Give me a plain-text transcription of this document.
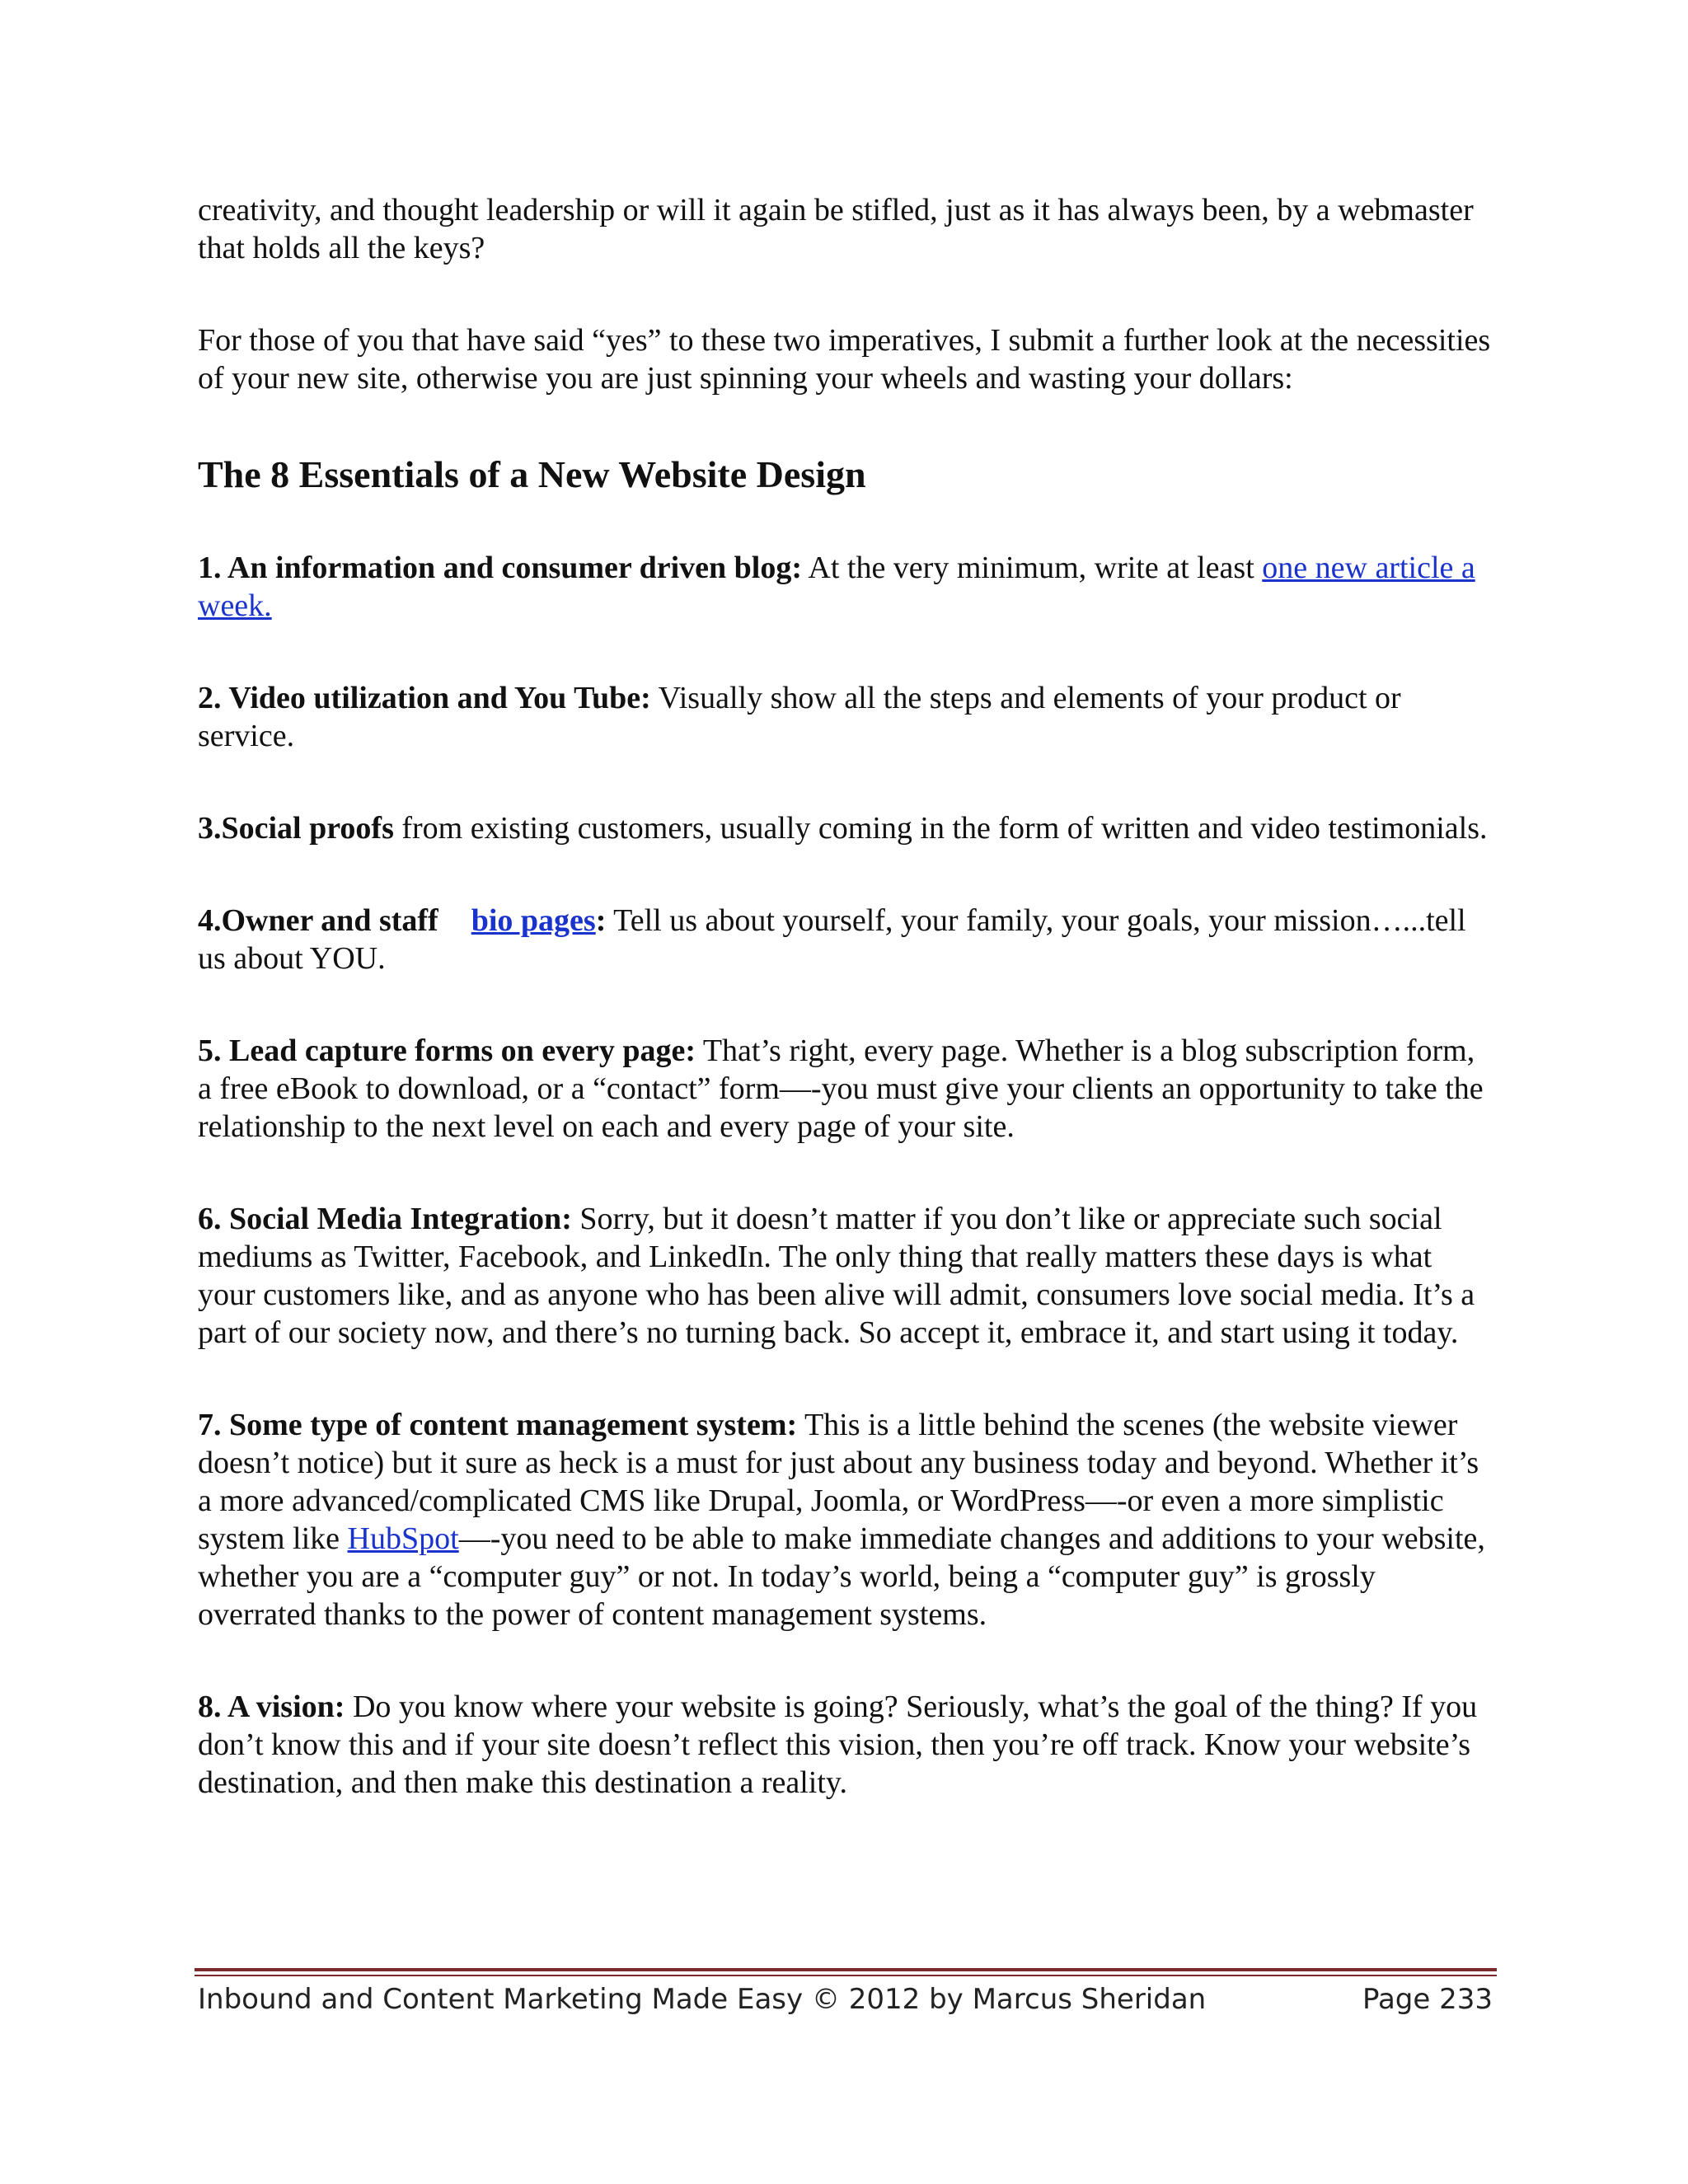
creativity, and thought leadership or will it again be stifled, just as it has always been, by a webmaster that holds all the keys?

For those of you that have said “yes” to these two imperatives, I submit a further look at the necessities of your new site, otherwise you are just spinning your wheels and wasting your dollars:

The 8 Essentials of a New Website Design

1. An information and consumer driven blog: At the very minimum, write at least one new article a week.

2. Video utilization and You Tube: Visually show all the steps and elements of your product or service.

3.Social proofs from existing customers, usually coming in the form of written and video testimonials.

4.Owner and staff bio pages: Tell us about yourself, your family, your goals, your mission…...tell us about YOU.

5. Lead capture forms on every page: That’s right, every page. Whether is a blog subscription form, a free eBook to download, or a “contact” form—-you must give your clients an opportunity to take the relationship to the next level on each and every page of your site.

6. Social Media Integration: Sorry, but it doesn’t matter if you don’t like or appreciate such social mediums as Twitter, Facebook, and LinkedIn. The only thing that really matters these days is what your customers like, and as anyone who has been alive will admit, consumers love social media. It’s a part of our society now, and there’s no turning back. So accept it, embrace it, and start using it today.

7. Some type of content management system: This is a little behind the scenes (the website viewer doesn’t notice) but it sure as heck is a must for just about any business today and beyond. Whether it’s a more advanced/complicated CMS like Drupal, Joomla, or WordPress—-or even a more simplistic system like HubSpot—-you need to be able to make immediate changes and additions to your website, whether you are a “computer guy” or not. In today’s world, being a “computer guy” is grossly overrated thanks to the power of content management systems.

8. A vision: Do you know where your website is going? Seriously, what’s the goal of the thing? If you don’t know this and if your site doesn’t reflect this vision, then you’re off track. Know your website’s destination, and then make this destination a reality.

Inbound and Content Marketing Made Easy © 2012 by Marcus Sheridan	Page 233
